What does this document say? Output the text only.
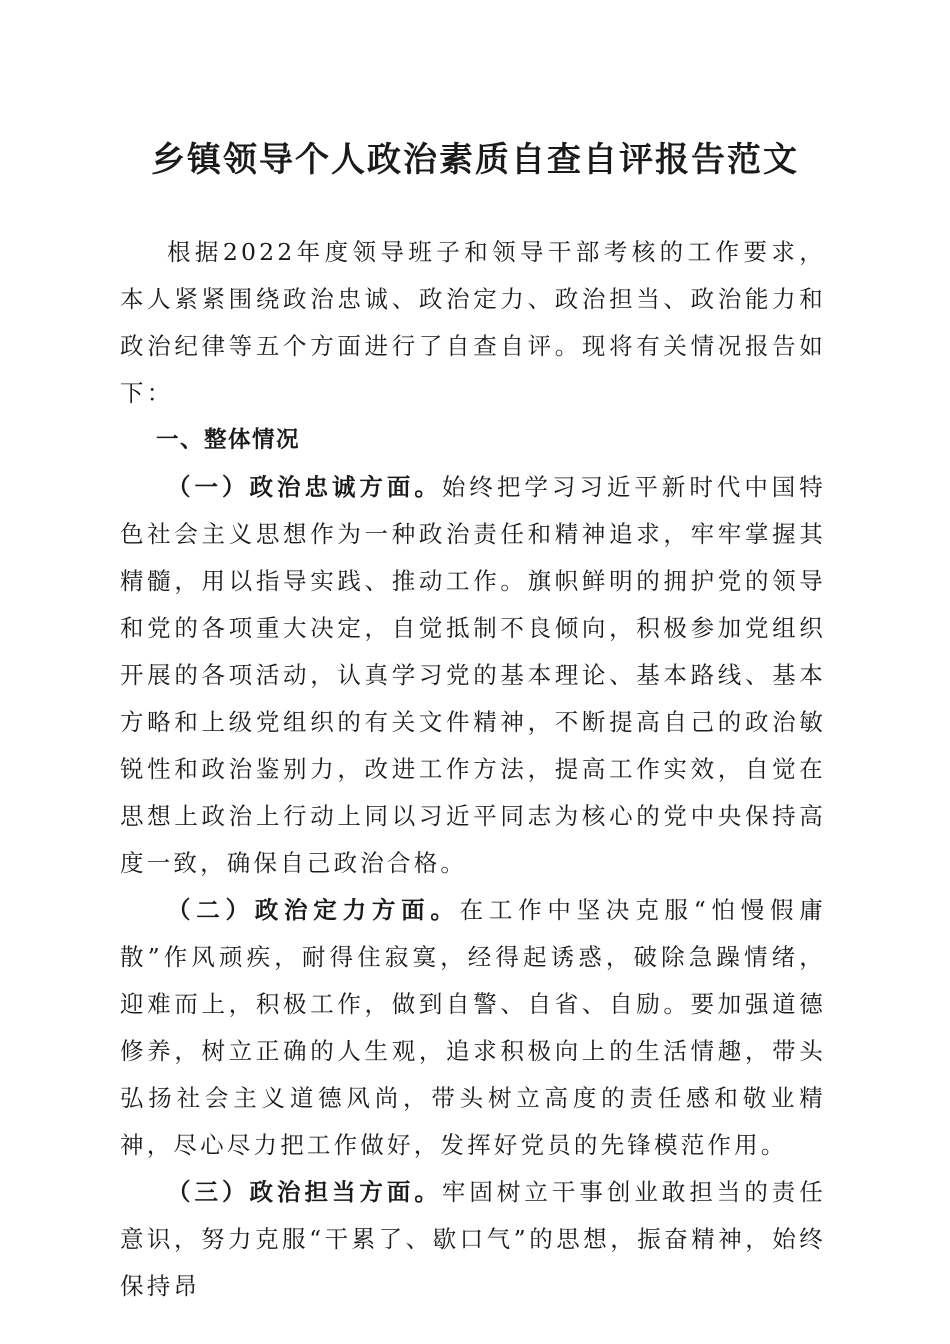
乡镇领导个人政治素质自查自评报告范文

根据2022年度领导班子和领导干部考核的工作要求，本人紧紧围绕政治忠诚、政治定力、政治担当、政治能力和政治纪律等五个方面进行了自查自评。现将有关情况报告如下：

一、整体情况

（一）政治忠诚方面。始终把学习习近平新时代中国特色社会主义思想作为一种政治责任和精神追求，牢牢掌握其精髓，用以指导实践、推动工作。旗帜鲜明的拥护党的领导和党的各项重大决定，自觉抵制不良倾向，积极参加党组织开展的各项活动，认真学习党的基本理论、基本路线、基本方略和上级党组织的有关文件精神，不断提高自己的政治敏锐性和政治鉴别力，改进工作方法，提高工作实效，自觉在思想上政治上行动上同以习近平同志为核心的党中央保持高度一致，确保自己政治合格。

（二）政治定力方面。在工作中坚决克服“怕慢假庸散”作风顽疾，耐得住寂寞，经得起诱惑，破除急躁情绪，迎难而上，积极工作，做到自警、自省、自励。要加强道德修养，树立正确的人生观，追求积极向上的生活情趣，带头弘扬社会主义道德风尚，带头树立高度的责任感和敬业精神，尽心尽力把工作做好，发挥好党员的先锋模范作用。

（三）政治担当方面。牢固树立干事创业敢担当的责任意识，努力克服“干累了、歇口气”的思想，振奋精神，始终保持昂
